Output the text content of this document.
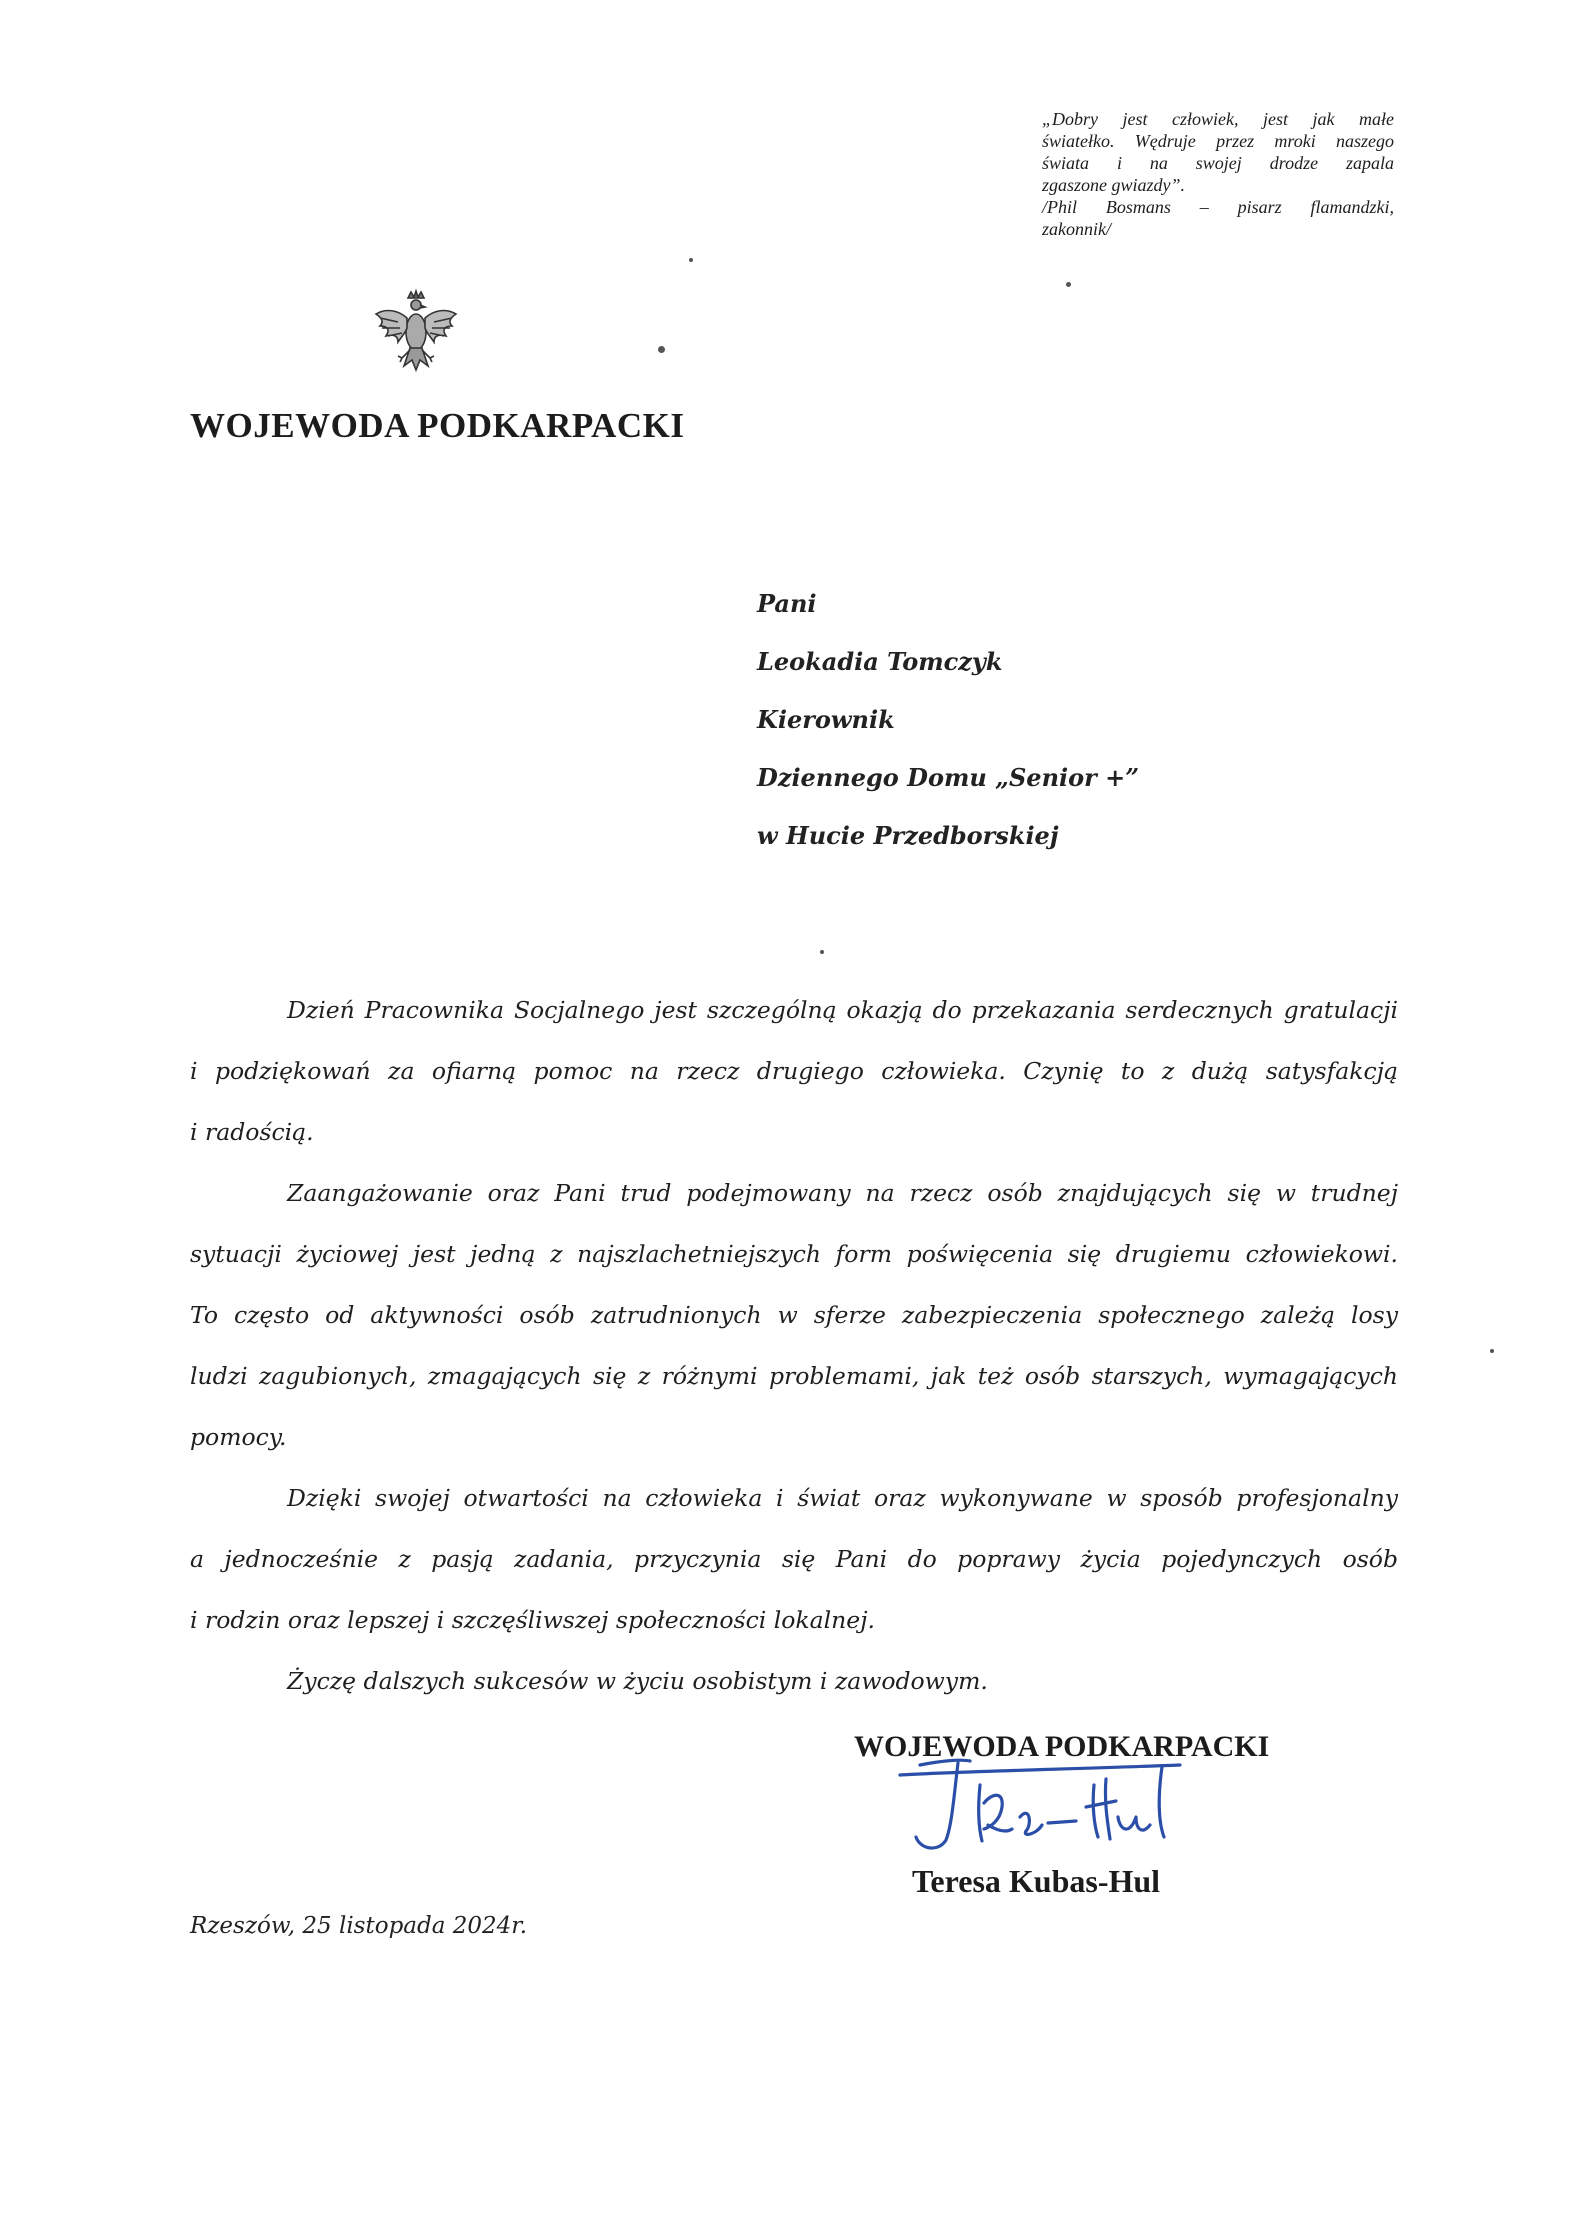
„Dobry jest człowiek, jest jak małe
światełko. Wędruje przez mroki naszego
świata i na swojej drodze zapala
zgaszone gwiazdy”.
/Phil Bosmans – pisarz flamandzki,
zakonnik/
WOJEWODA PODKARPACKI
Pani
Leokadia Tomczyk
Kierownik
Dziennego Domu „Senior +”
w Hucie Przedborskiej
Dzień Pracownika Socjalnego jest szczególną okazją do przekazania serdecznych gratulacji
i podziękowań za ofiarną pomoc na rzecz drugiego człowieka. Czynię to z dużą satysfakcją
i radością.
Zaangażowanie oraz Pani trud podejmowany na rzecz osób znajdujących się w trudnej
sytuacji życiowej jest jedną z najszlachetniejszych form poświęcenia się drugiemu człowiekowi.
To często od aktywności osób zatrudnionych w sferze zabezpieczenia społecznego zależą losy
ludzi zagubionych, zmagających się z różnymi problemami, jak też osób starszych, wymagających
pomocy.
Dzięki swojej otwartości na człowieka i świat oraz wykonywane w sposób profesjonalny
a jednocześnie z pasją zadania, przyczynia się Pani do poprawy życia pojedynczych osób
i rodzin oraz lepszej i szczęśliwszej społeczności lokalnej.
Życzę dalszych sukcesów w życiu osobistym i zawodowym.
WOJEWODA PODKARPACKI
Teresa Kubas-Hul
Rzeszów, 25 listopada 2024r.
